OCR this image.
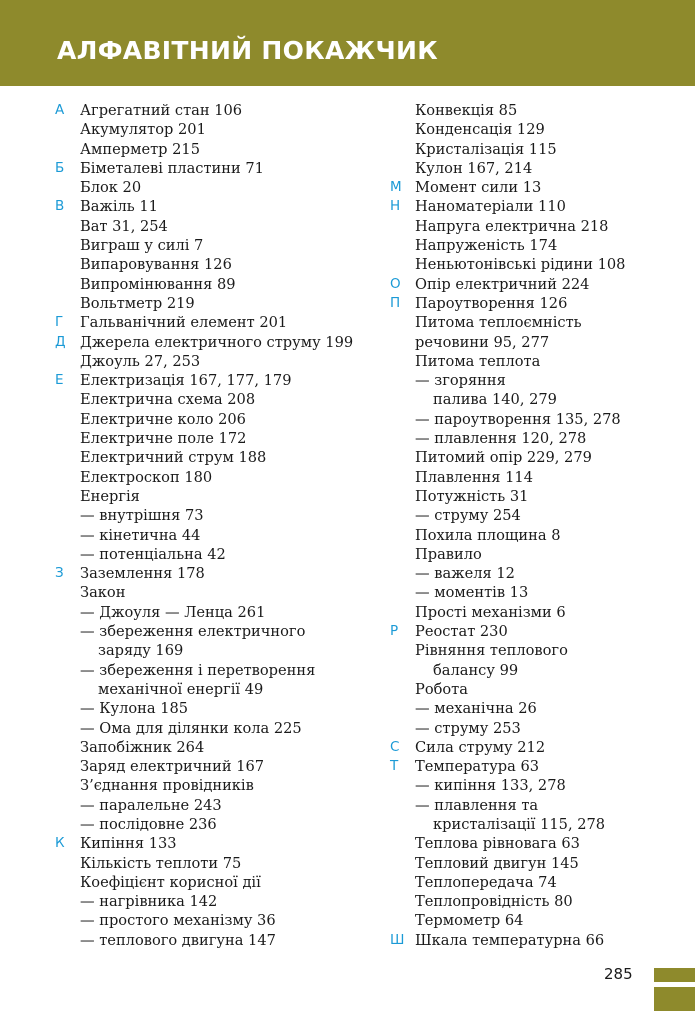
АЛФАВІТНИЙ ПОКАЖЧИК
А Агрегатний стан 106
Акумулятор 201
Амперметр 215
Б Біметалеві пластини 71
Блок 20
В Важіль 11
Ват 31, 254
Виграш у силі 7
Випаровування 126
Випромінювання 89
Вольтметр 219
Г Гальванічний елемент 201
Д Джерела електричного струму 199
Джоуль 27, 253
Е Електризація 167, 177, 179
Електрична схема 208
Електричне коло 206
Електричне поле 172
Електричний струм 188
Електроскоп 180
Енергія
— внутрішня 73
— кінетична 44
— потенціальна 42
З Заземлення 178
Закон
— Джоуля — Ленца 261
— збереження електричного
заряду 169
— збереження і перетворення
механічної енергії 49
— Кулона 185
— Ома для ділянки кола 225
Запобіжник 264
Заряд електричний 167
З’єднання провідників
— паралельне 243
— послідовне 236
К Кипіння 133
Кількість теплоти 75
Коефіцієнт корисної дії
— нагрівника 142
— простого механізму 36
— теплового двигуна 147
Конвекція 85
Конденсація 129
Кристалізація 115
Кулон 167, 214
М Момент сили 13
Н Наноматеріали 110
Напруга електрична 218
Напруженість 174
Неньютонівські рідини 108
О Опір електричний 224
П Пароутворення 126
Питома теплоємність
речовини 95, 277
Питома теплота
— згоряння
палива 140, 279
— пароутворення 135, 278
— плавлення 120, 278
Питомий опір 229, 279
Плавлення 114
Потужність 31
— струму 254
Похила площина 8
Правило
— важеля 12
— моментів 13
Прості механізми 6
Р Реостат 230
Рівняння теплового
балансу 99
Робота
— механічна 26
— струму 253
С Сила струму 212
Т Температура 63
— кипіння 133, 278
— плавлення та
кристалізації 115, 278
Теплова рівновага 63
Тепловий двигун 145
Теплопередача 74
Теплопровідність 80
Термометр 64
Ш Шкала температурна 66
285
